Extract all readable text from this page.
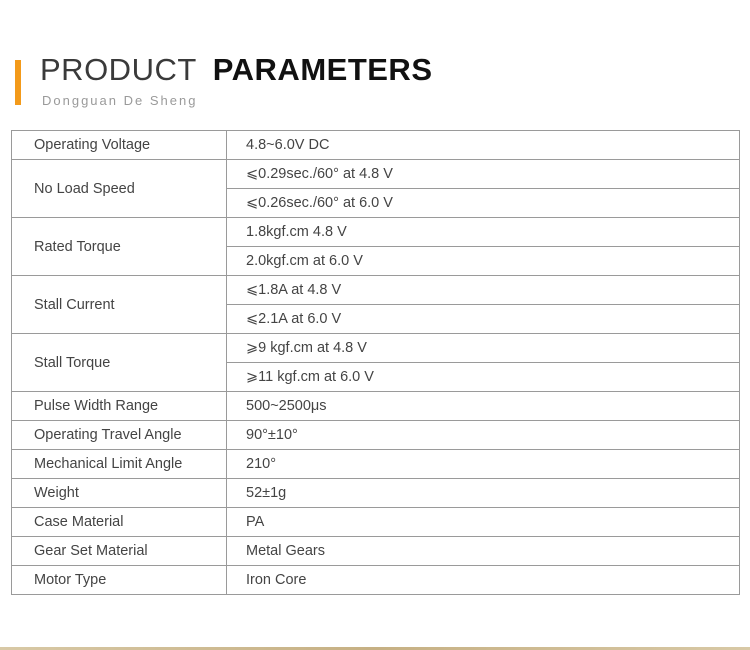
PRODUCT PARAMETERS
Dongguan De Sheng
Operating Voltage	4.8~6.0V DC
No Load Speed	⩽0.29sec./60° at 4.8 V
	⩽0.26sec./60° at 6.0 V
Rated Torque	1.8kgf.cm 4.8 V
	2.0kgf.cm at 6.0 V
Stall Current	⩽1.8A at 4.8 V
	⩽2.1A at 6.0 V
Stall Torque	⩾9 kgf.cm at 4.8 V
	⩾11 kgf.cm at 6.0 V
Pulse Width Range	500~2500μs
Operating Travel Angle	90°±10°
Mechanical Limit Angle	210°
Weight	52±1g
Case Material	PA
Gear Set Material	Metal Gears
Motor Type	Iron Core
